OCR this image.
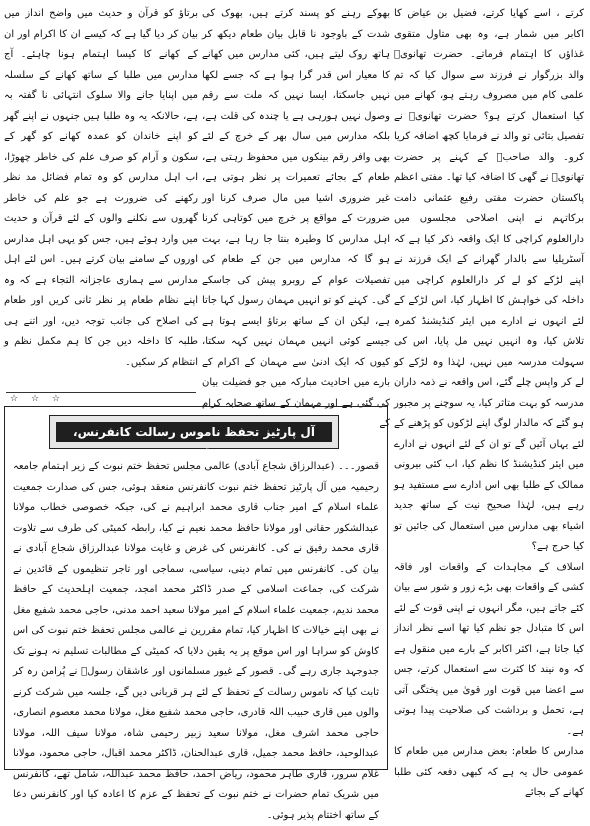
کرتے ، اسے کھایا کرتے، فضیل بن عیاض کا اکابر میں شمار ہے، وہ بھی متاول متقوی غذاؤں کا اہتمام فرماتے۔ حضرت تھانویؒ والد بزرگوار نے فرزند سے سوال کیا کہ تم علمی کام میں مصروف رہتے ہو، کھانے میں کیا استعمال کرتے ہو؟ حضرت تھانویؒ نے تفصیل بتائی تو والد نے فرمایا کچھ اضافہ کریا کرو۔ والد صاحبؒ کے کہنے پر حضرت تھانویؒ نے گھی کا اضافہ کیا تھا۔ مفتی اعظم پاکستان حضرت مفتی رفیع عثمانی دامت برکاتہم نے اپنی اصلاحی مجلسوں میں دارالعلوم کراچی کا ایک واقعہ ذکر کیا ہے کہ آسٹریلیا سے بالدار گھرانے کے ایک فرزند نے اپنے لڑکے کو لے کر دارالعلوم کراچی میں داخلہ کی خواہش کا اظہار کیا، اس لڑکے کے لئے انہوں نے ادارے میں ایئر کنڈیشنڈ کمرہ تلاش کیا، وہ انہیں نہیں مل پایا، اس کی سہولت مدرسہ میں نہیں، لہٰذا وہ لڑکے کو لے کر واپس چلے گئے، اس واقعہ نے ذمہ داران مدرسہ کو بہت متاثر کیا، یہ سوچنے پر مجبور ہو گئے کہ مالدار لوگ اپنے لڑکوں کو پڑھنے کے لئے یہاں آئیں گے تو ان کے لئے انہوں نے ادارے میں ایئر کنڈیشنڈ کا نظم کیا، اب کئی بیرونی ممالک کے طلبا بھی اس ادارے سے مستفید ہو رہے ہیں، لہٰذا صحیح نیت کے ساتھ جدید اشیاء بھی مدارس میں استعمال کی جائیں تو کیا حرج ہے؟

اسلاف کے مجاہدات کے واقعات اور فاقہ کشی کے واقعات بھی بڑے زور و شور سے بیان کئے جاتے ہیں، مگر انہوں نے اپنی قوت کے لئے اس کا متبادل جو نظم کیا تھا اسے نظر انداز کیا جاتا ہے، اکثر اکابر کے بارے میں منقول ہے کہ وہ نیند کا کثرت سے استعمال کرتے، جس سے اعضا میں قوت اور قویٰ میں پختگی آتی ہے، تحمل و برداشت کی صلاحیت پیدا ہوتی ہے۔

مدارس کا طعام: بعض مدارس میں طعام کا عمومی حال یہ ہے کہ کبھی دفعہ کئی طلبا کھانے کے بجائے

بھوکے رہنے کو پسند کرتے ہیں، بھوک کی شدت کے باوجود نا قابل بیان طعام دیکھ کر ہاتھ روک لیتے ہیں، کئی مدارس میں کھانے کا معیار اس قدر گرا ہوا ہے کہ جسے لکھا نہیں جاسکتا، ایسا نہیں کہ ملت سے رقم وصول نہیں ہورہی ہے یا چندہ کی قلت ہے، بلکہ مدارس میں سال بھر کے خرچ کے لئے بھی وافر رقم بینکوں میں محفوظ رہتی ہے، طعام کے بجائے تعمیرات پر نظر ہوتی ہے، غیر ضروری اشیا میں مال صرف کرنا اور ضرورت کے مواقع پر خرچ میں کوتاہی کرنا اہل مدارس کا وطیرہ بنتا جا رہا ہے، بہت ہو گا کہ مدارس میں جن کے طعام کی تفصیلات عوام کے روبرو پیش کی جاسکے گی۔ کہنے کو تو انہیں مہمان رسول کہا جاتا ہے، لیکن ان کے ساتھ برتاؤ ایسے ہوتا ہے جیسے کوئی انہیں مہمان نہیں کہہ سکتا، کیوں کہ ایک ادنیٰ سے مہمان کے اکرام کے بارے میں احادیث مبارکہ میں جو فضیلت بیان کی گئی ہے اور مہمان کے ساتھ صحابہ کرام کے

برتاؤ کو قرآن و حدیث میں واضح انداز میں بیان کر دیا گیا ہے کہ کیسے ان کا اکرام اور ان کے کھانے کا کیسا اہتمام ہونا چاہئے۔ آج مدارس میں طلبا کے ساتھ کھانے کے سلسلہ میں اپنایا جانے والا سلوک انتہائی نا گفتہ بہ ہے، حالانکہ یہ وہ طلبا ہیں جنہوں نے اپنے گھر کو اپنے خاندان کو عمدہ کھانے کو گھر کے سکون و آرام کو صرف علم کی خاطر چھوڑا، اب اہل مدارس کو وہ تمام فضائل مد نظر رکھنے کی ضرورت ہے جو علم کی خاطر گھروں سے نکلنے والوں کے لئے قرآن و حدیث میں وارد ہوئے ہیں، جس کو یہی اہل مدارس اوروں کے سامنے بیان کرتے ہیں۔ اس لئے اہل مدارس سے ہماری عاجزانہ التجاء ہے کہ وہ اپنے نظام طعام پر نظر ثانی کریں اور طعام کی اصلاح کی جانب توجہ دیں، اور اتنے ہی طلبہ کا داخلہ دیں جن کا ہم مکمل نظم و انتظام کر سکیں۔

☆ ☆ ☆
آل پارٹیز تحفظ ناموس رسالت کانفرنس، قصور

قصور۔۔۔ (عبدالرزاق شجاع آبادی) عالمی مجلس تحفظ ختم نبوت کے زیر اہتمام جامعہ رحیمیہ میں آل پارٹیز تحفظ ختم نبوت کانفرنس منعقد ہوئی، جس کی صدارت جمعیت علماء اسلام کے امیر جناب قاری محمد ابراہیم نے کی، جبکہ خصوصی خطاب مولانا عبدالشکور حقانی اور مولانا حافظ محمد نعیم نے کیا، رابطہ کمیٹی کی طرف سے تلاوت قاری محمد رفیق نے کی۔ کانفرنس کی غرض و غایت مولانا عبدالرزاق شجاع آبادی نے بیان کی۔ کانفرنس میں تمام دینی، سیاسی، سماجی اور تاجر تنظیموں کے قائدین نے شرکت کی، جماعت اسلامی کے صدر ڈاکٹر محمد امجد، جمعیت اہلحدیث کے حافظ محمد ندیم، جمعیت علماء اسلام کے امیر مولانا سعید احمد مدنی، حاجی محمد شفیع مغل نے بھی اپنے خیالات کا اظہار کیا، تمام مقررین نے عالمی مجلس تحفظ ختم نبوت کی اس کاوش کو سراہا اور اس موقع پر یہ یقین دلایا کہ کمیٹی کے مطالبات تسلیم نہ ہونے تک جدوجہد جاری رہے گی۔ قصور کے غیور مسلمانوں اور عاشقان رسولؐ نے پُرامن رہ کر ثابت کیا کہ ناموس رسالت کے تحفظ کے لئے ہر قربانی دیں گے، جلسہ میں شرکت کرنے والوں میں قاری حبیب اللہ قادری، حاجی محمد شفیع مغل، مولانا محمد معصوم انصاری، حاجی محمد اشرف مغل، مولانا سعید زبیر رحیمی شاہ، مولانا سیف اللہ، مولانا عبدالوحید، حافظ محمد جمیل، قاری عبدالحنان، ڈاکٹر محمد اقبال، حاجی محمود، مولانا غلام سرور، قاری طاہر محمود، ریاض احمد، حافظ محمد عبداللہ، شامل تھے، کانفرنس میں شریک تمام حضرات نے ختم نبوت کے تحفظ کے عزم کا اعادہ کیا اور کانفرنس دعا کے ساتھ اختتام پذیر ہوئی۔
